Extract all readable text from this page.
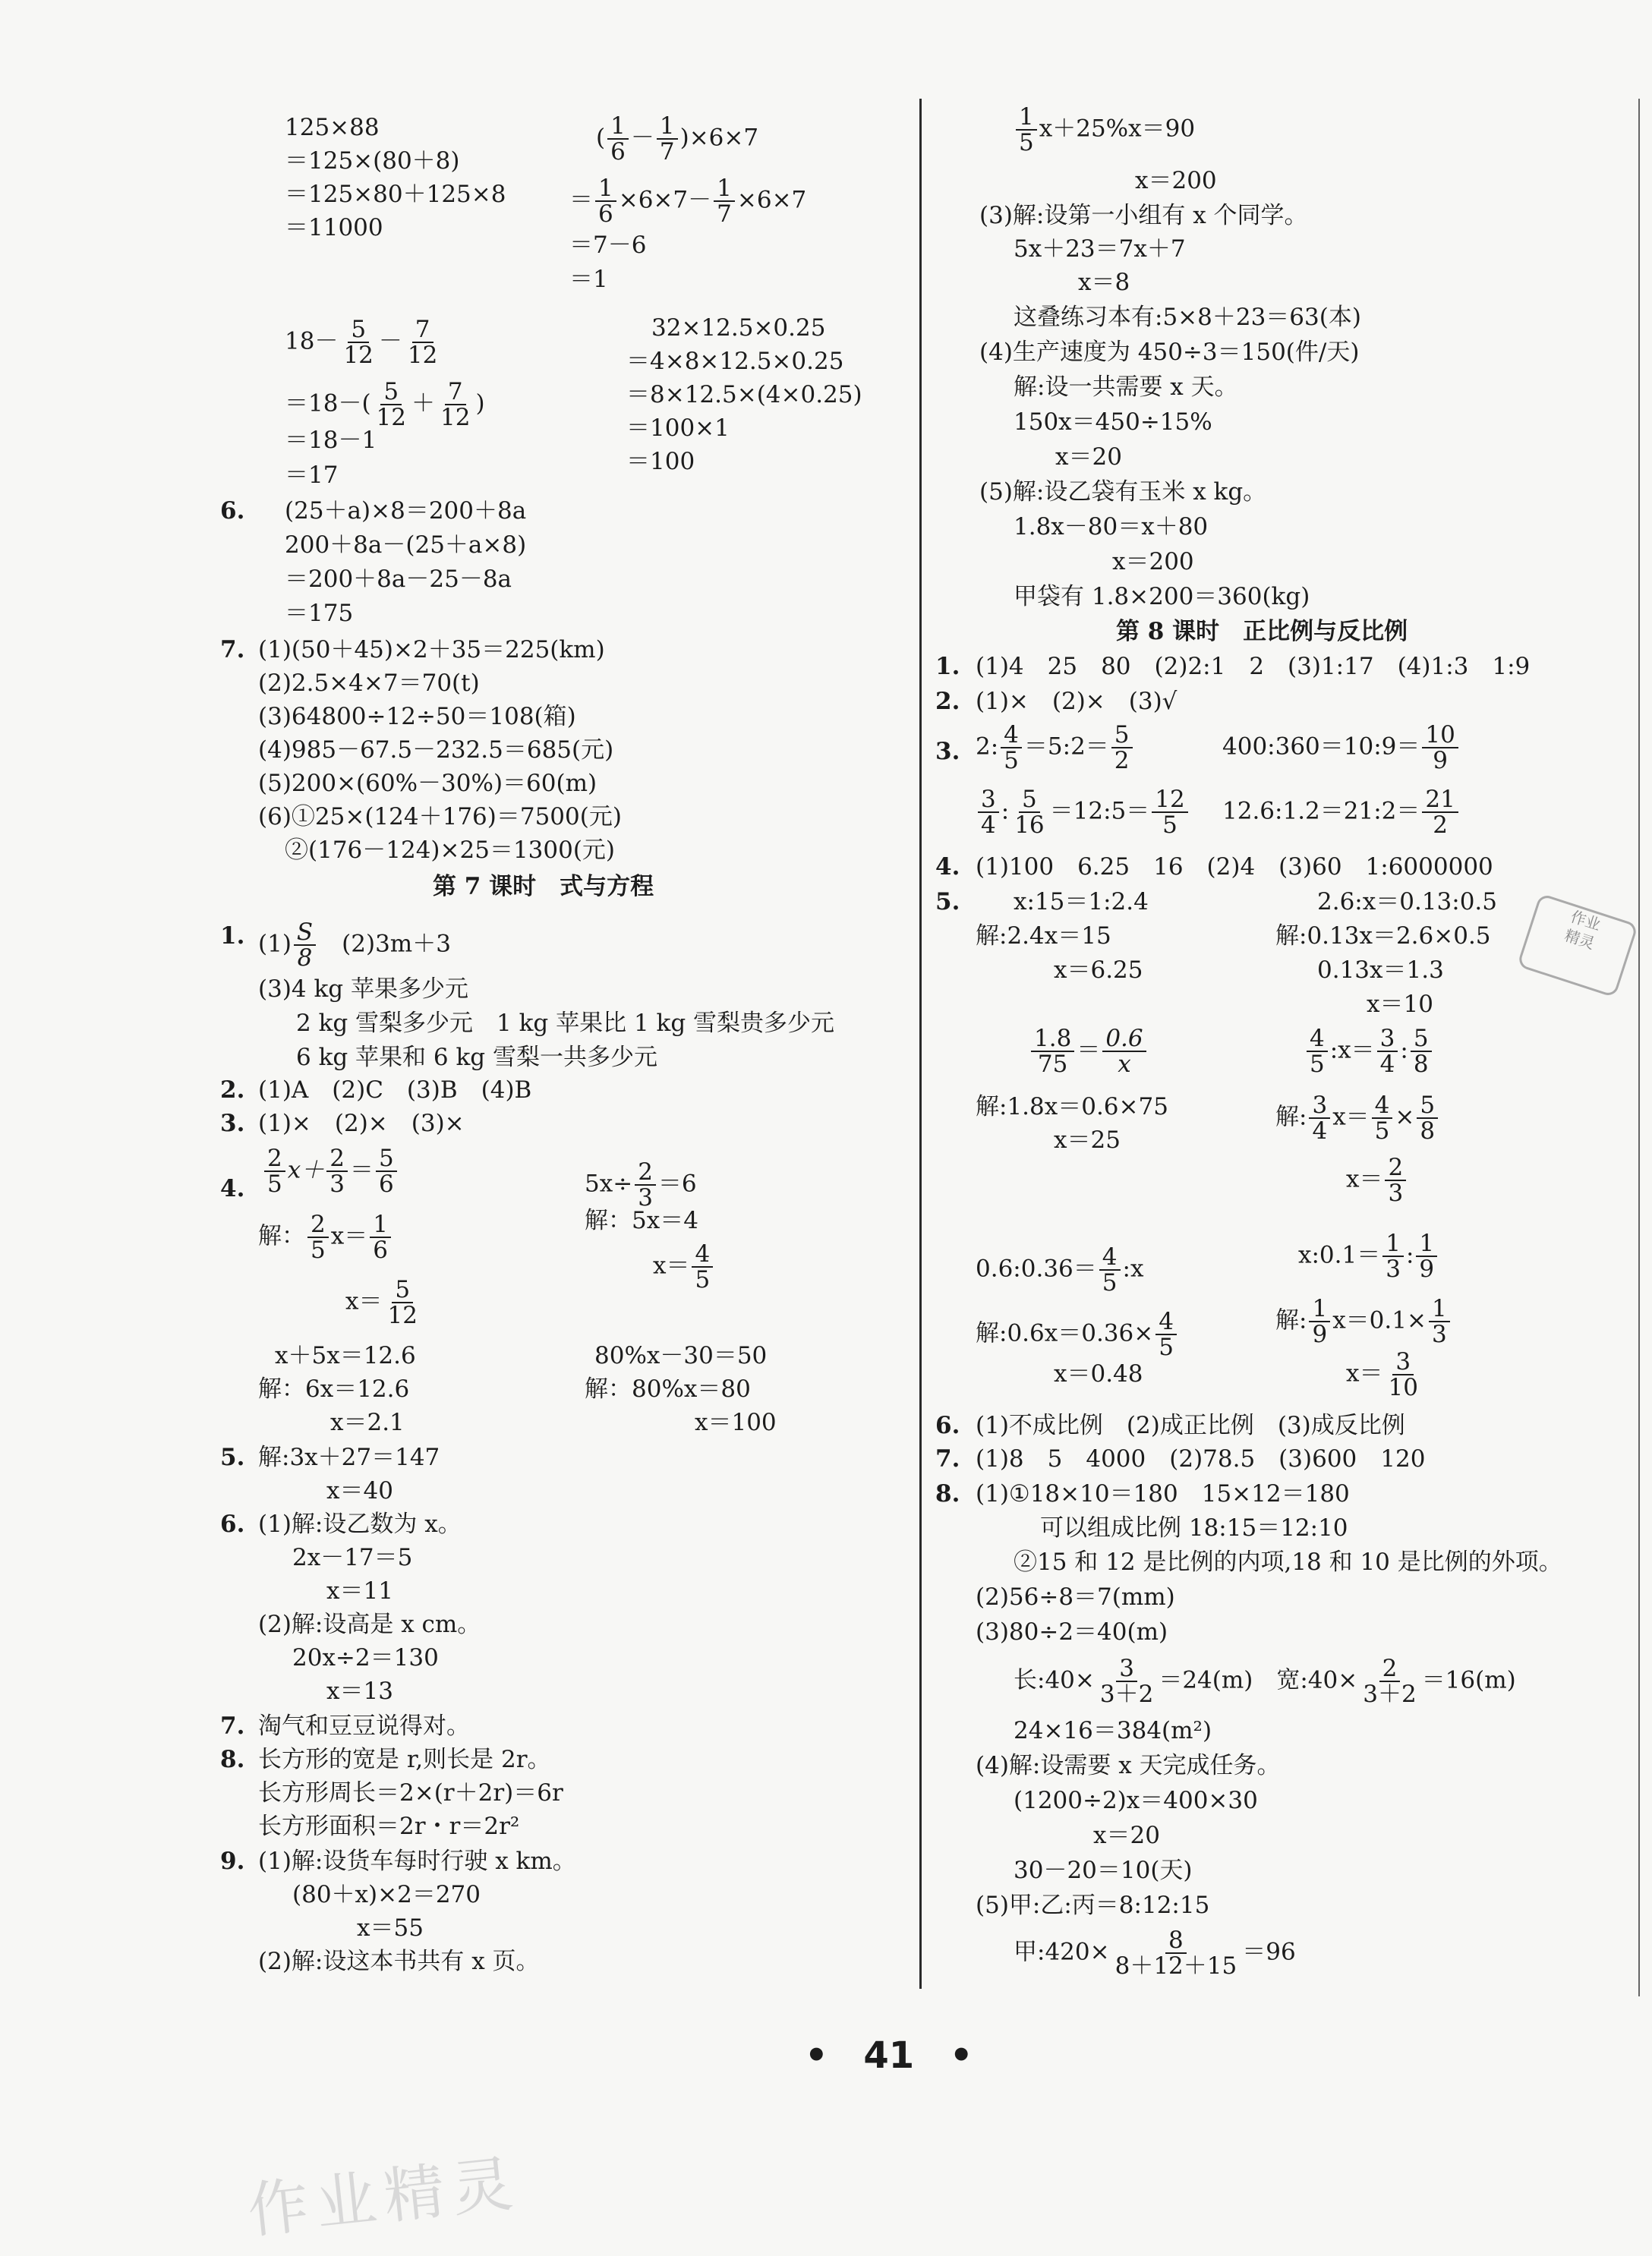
125×88
＝125×(80＋8)
＝125×80＋125×8
＝11000
( $\frac{1}{6} - \frac{1}{7} )\times 6\times 7$
＝ $\frac{1}{6} \times 6\times 7- \frac{1}{7} \times 6\times 7$
＝7－6
＝1
$18- \frac{5}{12} - \frac{7}{12}$
$=18-( \frac{5}{12} + \frac{7}{12}$ )
＝18－1
＝17
32×12.5×0.25
＝4×8×12.5×0.25
＝8×12.5×(4×0.25)
＝100×1
＝100
6. (25＋a)×8＝200＋8a
200＋8a－(25＋a×8)
＝200＋8a－25－8a
＝175
7. (1)(50＋45)×2＋35＝225(km)
(2)2.5×4×7＝70(t)
(3)64800÷12÷50＝108(箱)
(4)985－67.5－232.5＝685(元)
(5)200×(60%－30%)＝60(m)
(6)①25×(124＋176)＝7500(元)
②(176－124)×25＝1300(元)
第 7 课时　式与方程
1. $(1) \frac{S}{8}$
　 (2)3m＋3
(3)4 kg 苹果多少元
2 kg 雪梨多少元　1 kg 苹果比 1 kg 雪梨贵多少元
6 kg 苹果和 6 kg 雪梨一共多少元
2. (1)A　(2)C　(3)B　(4)B
3. (1)×　(2)×　(3)×
4. $\frac{2}{5} x+ \frac{2}{3} = \frac{5}{6}$
解： $\frac{2}{5} x= \frac{1}{6}$
$x= \frac{5}{12}$
$5x\div \frac{2}{3} =6$
解：5x＝4
$x= \frac{4}{5}$
x＋5x＝12.6
解：6x＝12.6
x＝2.1
80%x－30＝50
解：80%x＝80
x＝100
5. 解:3x＋27＝147
x＝40
6. (1)解:设乙数为 x。
2x－17＝5
x＝11
(2)解:设高是 x cm。
20x÷2＝130
x＝13
7. 淘气和豆豆说得对。
8. 长方形的宽是 r,则长是 2r。
长方形周长＝2×(r＋2r)＝6r
长方形面积＝2r・r＝2r²
9. (1)解:设货车每时行驶 x km。
(80＋x)×2＝270
x＝55
(2)解:设这本书共有 x 页。
$\frac{1}{5} x+25\%x=90$
x＝200
(3)解:设第一小组有 x 个同学。
5x＋23＝7x＋7
x＝8
这叠练习本有:5×8＋23＝63(本)
(4)生产速度为 450÷3＝150(件/天)
解:设一共需要 x 天。
150x＝450÷15%
x＝20
(5)解:设乙袋有玉米 x kg。
1.8x－80＝x＋80
x＝200
甲袋有 1.8×200＝360(kg)
第 8 课时　正比例与反比例
1. (1)4　25　80　(2)2:1　2　(3)1:17　(4)1:3　1:9
2. (1)×　(2)×　(3)√
3. 2: $\frac{4}{5}$ ＝5:2＝ $\frac{5}{2}$	400:360＝10:9＝ $\frac{10}{9}$
$\frac{3}{4}$ : $\frac{5}{16}$ ＝12:5＝ $\frac{12}{5}$ 12.6:1.2＝21:2＝ $\frac{21}{2}$
4. (1)100　6.25　16　(2)4　(3)60　1:6000000
5. x:15＝1:2.4
解:2.4x＝15
x＝6.25
2.6:x＝0.13:0.5
解:0.13x＝2.6×0.5
0.13x＝1.3
x＝10
$\frac{1.8}{75} = \frac{0.6}{x}$
解:1.8x＝0.6×75
x＝25
$\frac{4}{5}$ :x＝ $\frac{3}{4}$ : $\frac{5}{8}$
解: $\frac{3}{4} x= \frac{4}{5} \times \frac{5}{8}$
$x= \frac{2}{3}$
0.6:0.36＝ $\frac{4}{5}$ :x	x:0.1＝ $\frac{1}{3}$ : $\frac{1}{9}$
解:0.6x＝0.36× $\frac{4}{5}$	解: $\frac{1}{9} x=0.1\times \frac{1}{3}$
x＝0.48	$x= \frac{3}{10}$
6. (1)不成比例　(2)成正比例　(3)成反比例
7. (1)8　5　4000　(2)78.5　(3)600　120
8. (1)①18×10＝180　15×12＝180
可以组成比例 18:15＝12:10
②15 和 12 是比例的内项,18 和 10 是比例的外项。
(2)56÷8＝7(mm)
(3)80÷2＝40(m)
长:40× $\frac{3}{3+2} =24(m)$　宽:40× $\frac{2}{3+2} =16(m)$
24×16＝384(m²)
(4)解:设需要 x 天完成任务。
(1200÷2)x＝400×30
x＝20
30－20＝10(天)
(5)甲:乙:丙＝8:12:15
甲:420× $\frac{8}{8+12+15} =96$
• 41 •
作业精灵
作业
精灵
